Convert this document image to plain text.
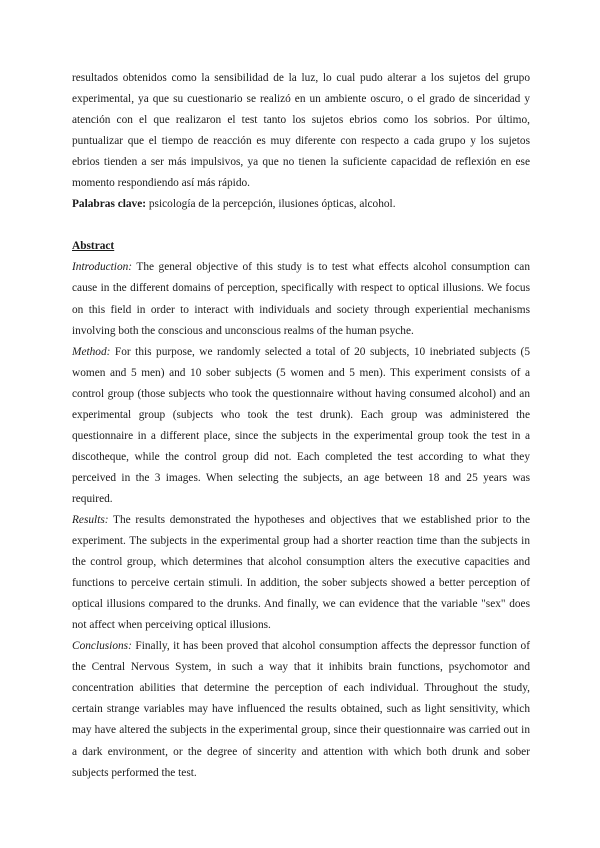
resultados obtenidos como la sensibilidad de la luz, lo cual pudo alterar a los sujetos del grupo experimental, ya que su cuestionario se realizó en un ambiente oscuro, o el grado de sinceridad y atención con el que realizaron el test tanto los sujetos ebrios como los sobrios. Por último, puntualizar que el tiempo de reacción es muy diferente con respecto a cada grupo y los sujetos ebrios tienden a ser más impulsivos, ya que no tienen la suficiente capacidad de reflexión en ese momento respondiendo así más rápido.

Palabras clave: psicología de la percepción, ilusiones ópticas, alcohol.

Abstract

Introduction: The general objective of this study is to test what effects alcohol consumption can cause in the different domains of perception, specifically with respect to optical illusions. We focus on this field in order to interact with individuals and society through experiential mechanisms involving both the conscious and unconscious realms of the human psyche.

Method: For this purpose, we randomly selected a total of 20 subjects, 10 inebriated subjects (5 women and 5 men) and 10 sober subjects (5 women and 5 men). This experiment consists of a control group (those subjects who took the questionnaire without having consumed alcohol) and an experimental group (subjects who took the test drunk). Each group was administered the questionnaire in a different place, since the subjects in the experimental group took the test in a discotheque, while the control group did not. Each completed the test according to what they perceived in the 3 images. When selecting the subjects, an age between 18 and 25 years was required.

Results: The results demonstrated the hypotheses and objectives that we established prior to the experiment. The subjects in the experimental group had a shorter reaction time than the subjects in the control group, which determines that alcohol consumption alters the executive capacities and functions to perceive certain stimuli. In addition, the sober subjects showed a better perception of optical illusions compared to the drunks. And finally, we can evidence that the variable "sex" does not affect when perceiving optical illusions.

Conclusions: Finally, it has been proved that alcohol consumption affects the depressor function of the Central Nervous System, in such a way that it inhibits brain functions, psychomotor and concentration abilities that determine the perception of each individual. Throughout the study, certain strange variables may have influenced the results obtained, such as light sensitivity, which may have altered the subjects in the experimental group, since their questionnaire was carried out in a dark environment, or the degree of sincerity and attention with which both drunk and sober subjects performed the test.
